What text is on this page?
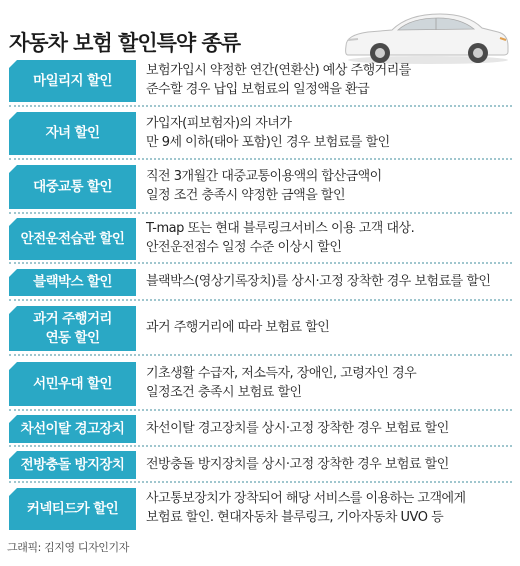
자동차 보험 할인특약 종류
마일리지 할인
보험가입시 약정한 연간(연환산) 예상 주행거리를
준수할 경우 납입 보험료의 일정액을 환급
자녀 할인
가입자(피보험자)의 자녀가
만 9세 이하(태아 포함)인 경우 보험료를 할인
대중교통 할인
직전 3개월간 대중교통이용액의 합산금액이
일정 조건 충족시 약정한 금액을 할인
안전운전습관 할인
T-map 또는 현대 블루링크서비스 이용 고객 대상.
안전운전점수 일정 수준 이상시 할인
블랙박스 할인	블랙박스(영상기록장치)를 상시·고정 장착한 경우 보험료를 할인
과거 주행거리
연동 할인
과거 주행거리에 따라 보험료 할인
서민우대 할인
기초생활 수급자, 저소득자, 장애인, 고령자인 경우
일정조건 충족시 보험료 할인
차선이탈 경고장치 차선이탈 경고장치를 상시·고정 장착한 경우 보험료 할인
전방충돌 방지장치 전방충돌 방지장치를 상시·고정 장착한 경우 보험료 할인
커넥티드카 할인
사고통보장치가 장착되어 해당 서비스를 이용하는 고객에게
보험료 할인. 현대자동차 블루링크, 기아자동차 UVO 등
그래픽: 김지영 디자인기자
